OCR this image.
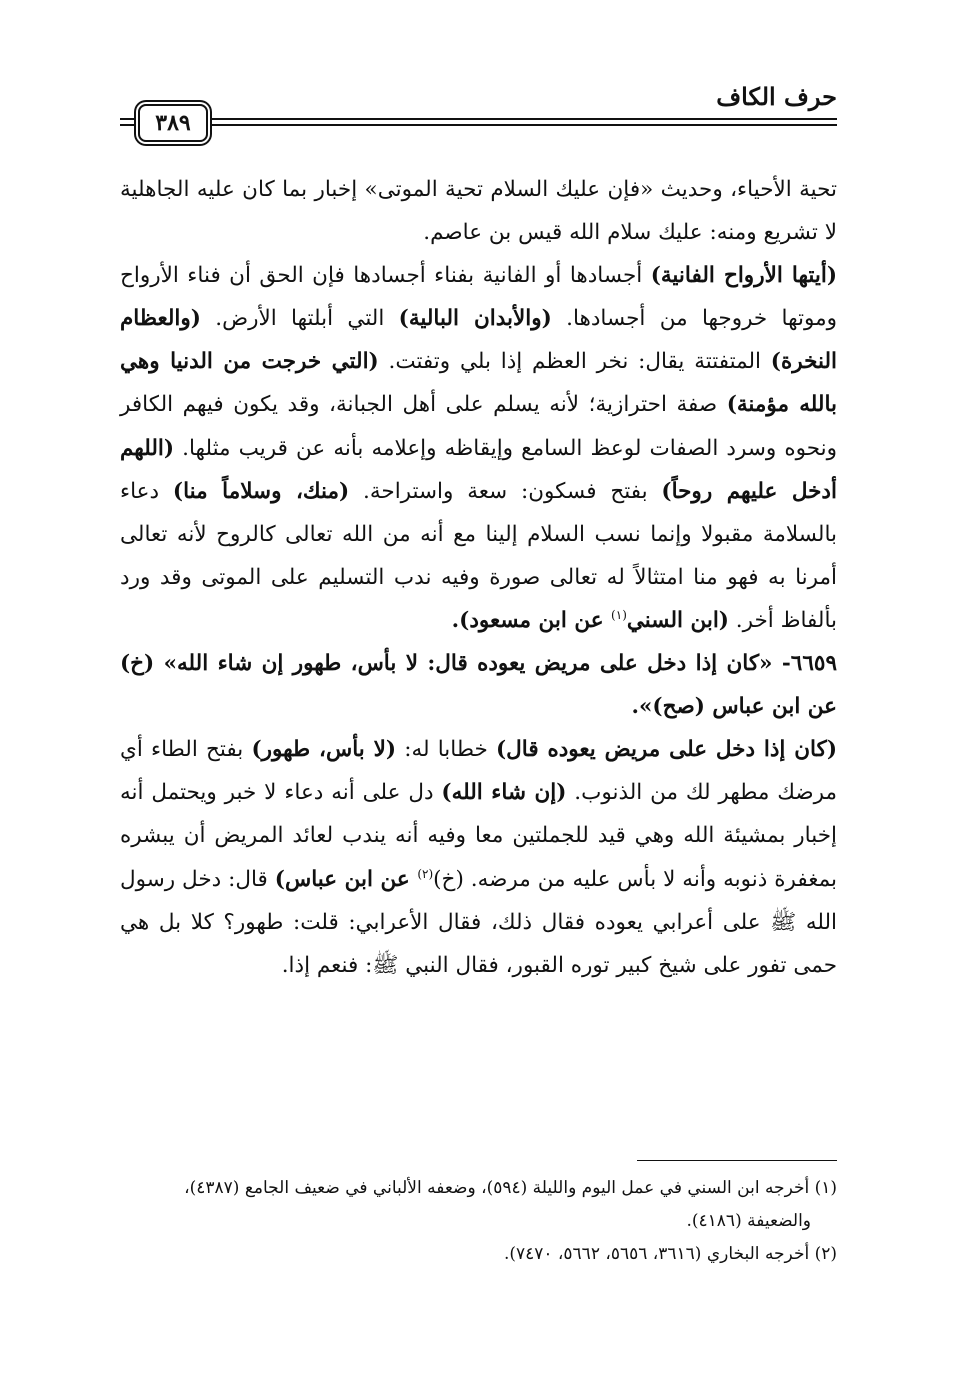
حرف الكاف
٣٨٩

تحية الأحياء، وحديث «فإن عليك السلام تحية الموتى» إخبار بما كان عليه الجاهلية لا تشريع ومنه: عليك سلام الله قيس بن عاصم.

(أيتها الأرواح الفانية) أجسادها أو الفانية بفناء أجسادها فإن الحق أن فناء الأرواح وموتها خروجها من أجسادها. (والأبدان البالية) التي أبلتها الأرض. (والعظام النخرة) المتفتتة يقال: نخر العظم إذا بلي وتفتت. (التي خرجت من الدنيا وهي بالله مؤمنة) صفة احترازية؛ لأنه يسلم على أهل الجبانة، وقد يكون فيهم الكافر ونحوه وسرد الصفات لوعظ السامع وإيقاظه وإعلامه بأنه عن قريب مثلها. (اللهم أدخل عليهم روحاً) بفتح فسكون: سعة واستراحة. (منك، وسلاماً منا) دعاء بالسلامة مقبولا وإنما نسب السلام إلينا مع أنه من الله تعالى كالروح لأنه تعالى أمرنا به فهو منا امتثالاً له تعالى صورة وفيه ندب التسليم على الموتى وقد ورد بألفاظ أخر. (ابن السني$^{(١)}$ عن ابن مسعود).

٦٦٥٩- «كان إذا دخل على مريض يعوده قال: لا بأس، طهور إن شاء الله» (خ) عن ابن عباس (صح)».

(كان إذا دخل على مريض يعوده قال) خطابا له: (لا بأس، طهور) بفتح الطاء أي مرضك مطهر لك من الذنوب. (إن شاء الله) دل على أنه دعاء لا خبر ويحتمل أنه إخبار بمشيئة الله وهي قيد للجملتين معا وفيه أنه يندب لعائد المريض أن يبشره بمغفرة ذنوبه وأنه لا بأس عليه من مرضه. (خ)$^{(٢)}$ عن ابن عباس) قال: دخل رسول الله ﷺ على أعرابي يعوده فقال ذلك، فقال الأعرابي: قلت: طهور؟ كلا بل هي حمى تفور على شيخ كبير توره القبور، فقال النبي ﷺ: فنعم إذا.

(١) أخرجه ابن السني في عمل اليوم والليلة (٥٩٤)، وضعفه الألباني في ضعيف الجامع (٤٣٨٧)،

والضعيفة (٤١٨٦).

(٢) أخرجه البخاري (٣٦١٦، ٥٦٥٦، ٥٦٦٢، ٧٤٧٠).
